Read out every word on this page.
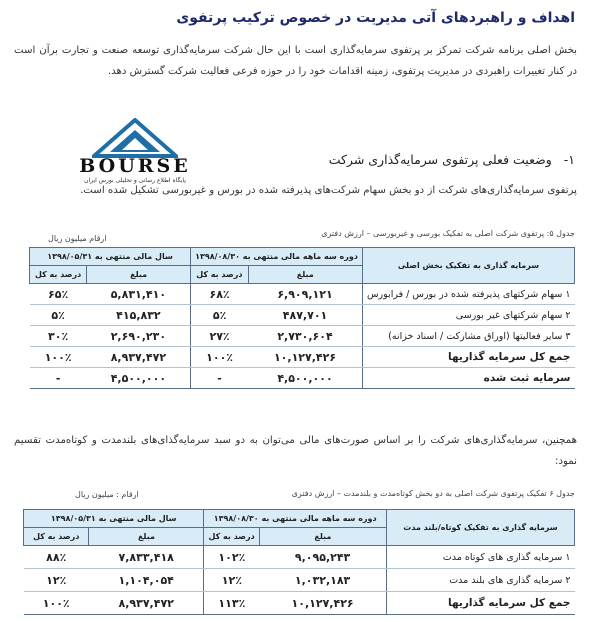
اهداف و راهبردهای آتی مدیریت در خصوص ترکیب پرتفوی
بخش اصلی برنامه شرکت تمرکز بر پرتفوی سرمایه‌گذاری است با این حال شرکت سرمایه‌گذاری توسعه صنعت و تجارت برآن است در کنار تغییرات راهبردی در مدیریت پرتفوی، زمینه اقدامات خود را در حوزه فرعی فعالیت شرکت گسترش دهد.
BOURSE
پایگاه اطلاع رسانی و تحلیلی بورس ایران
۱-وضعیت فعلی پرتفوی سرمایه‌گذاری شرکت
پرتفوی سرمایه‌گذاری‌های شرکت از دو بخش سهام شرکت‌های پذیرفته شده در بورس و غیربورسی تشکیل شده است.
جدول ۵: پرتفوی شرکت اصلی به تفکیک بورسی و غیربورسی – ارزش دفتری
ارقام میلیون ریال
سرمایه گذاری به تفکیک بخش اصلی	دوره سه ماهه مالی منتهی به ۱۳۹۸/۰۸/۳۰		سال مالی منتهی به ۱۳۹۸/۰۵/۳۱	
	مبلغ	درصد به کل	مبلغ	درصد به کل
۱ سهام شرکتهای پذیرفته شده در بورس / فرابورس	۶,۹۰۹,۱۲۱	۶۸٪	۵,۸۳۱,۴۱۰	۶۵٪
۲ سهام شرکتهای غیر بورسی	۴۸۷,۷۰۱	۵٪	۴۱۵,۸۳۲	۵٪
۳ سایر فعالیتها (اوراق مشارکت / اسناد خزانه)	۲,۷۳۰,۶۰۴	۲۷٪	۲,۶۹۰,۲۳۰	۳۰٪
جمع کل سرمایه گذاریها	۱۰,۱۲۷,۴۲۶	۱۰۰٪	۸,۹۳۷,۴۷۲	۱۰۰٪
سرمایه ثبت شده	۴,۵۰۰,۰۰۰	-	۴,۵۰۰,۰۰۰	-
همچنین، سرمایه‌گذاری‌های شرکت را بر اساس صورت‌های مالی می‌توان به دو سبد سرمایه‌گذای‌های بلندمدت و کوتاه‌مدت تقسیم نمود:
جدول ۶ تفکیک پرتفوی شرکت اصلی به دو بخش کوتاه‌مدت و بلندمدت – ارزش دفتری
ارقام : میلیون ریال
سرمایه گذاری به تفکیک کوتاه/بلند مدت	دوره سه ماهه مالی منتهی به ۱۳۹۸/۰۸/۳۰		سال مالی منتهی به ۱۳۹۸/۰۵/۳۱	
	مبلغ	درصد به کل	مبلغ	درصد به کل
۱ سرمایه گذاری های کوتاه مدت	۹,۰۹۵,۲۴۳	۱۰۲٪	۷,۸۳۳,۴۱۸	۸۸٪
۲ سرمایه گذاری های بلند مدت	۱,۰۳۲,۱۸۳	۱۲٪	۱,۱۰۴,۰۵۴	۱۲٪
جمع کل سرمایه گذاریها	۱۰,۱۲۷,۴۲۶	۱۱۳٪	۸,۹۳۷,۴۷۲	۱۰۰٪
